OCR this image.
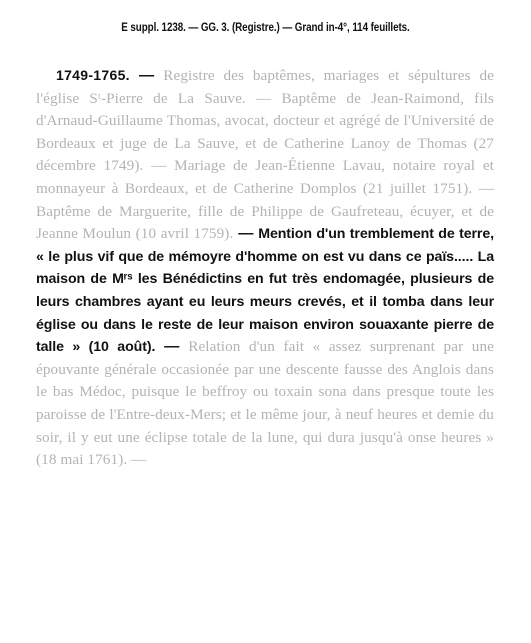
E suppl. 1238. — GG. 3. (Registre.) — Grand in-4°, 114 feuillets.
1749-1765. — Registre des baptêmes, mariages et sépultures de l'église Sᵗ-Pierre de La Sauve. — Baptême de Jean-Raimond, fils d'Arnaud-Guillaume Thomas, avocat, docteur et agrégé de l'Université de Bordeaux et juge de La Sauve, et de Catherine Lanoy de Thomas (27 décembre 1749). — Mariage de Jean-Étienne Lavau, notaire royal et monnayeur à Bordeaux, et de Catherine Domplos (21 juillet 1751). — Baptême de Marguerite, fille de Philippe de Gaufreteau, écuyer, et de Jeanne Moulun (10 avril 1759). — Mention d'un tremblement de terre, « le plus vif que de mémoyre d'homme on est vu dans ce païs..... La maison de Mʳˢ les Bénédictins en fut très endomagée, plusieurs de leurs chambres ayant eu leurs meurs crevés, et il tomba dans leur église ou dans le reste de leur maison environ souaxante pierre de talle » (10 août). — Relation d'un fait « assez surprenant par une épouvante générale occasionée par une descente fausse des Anglois dans le bas Médoc, puisque le beffroy ou toxain sona dans presque toute les paroisse de l'Entre-deux-Mers; et le même jour, à neuf heures et demie du soir, il y eut une éclipse totale de la lune, qui dura jusqu'à onse heures » (18 mai 1761). —
